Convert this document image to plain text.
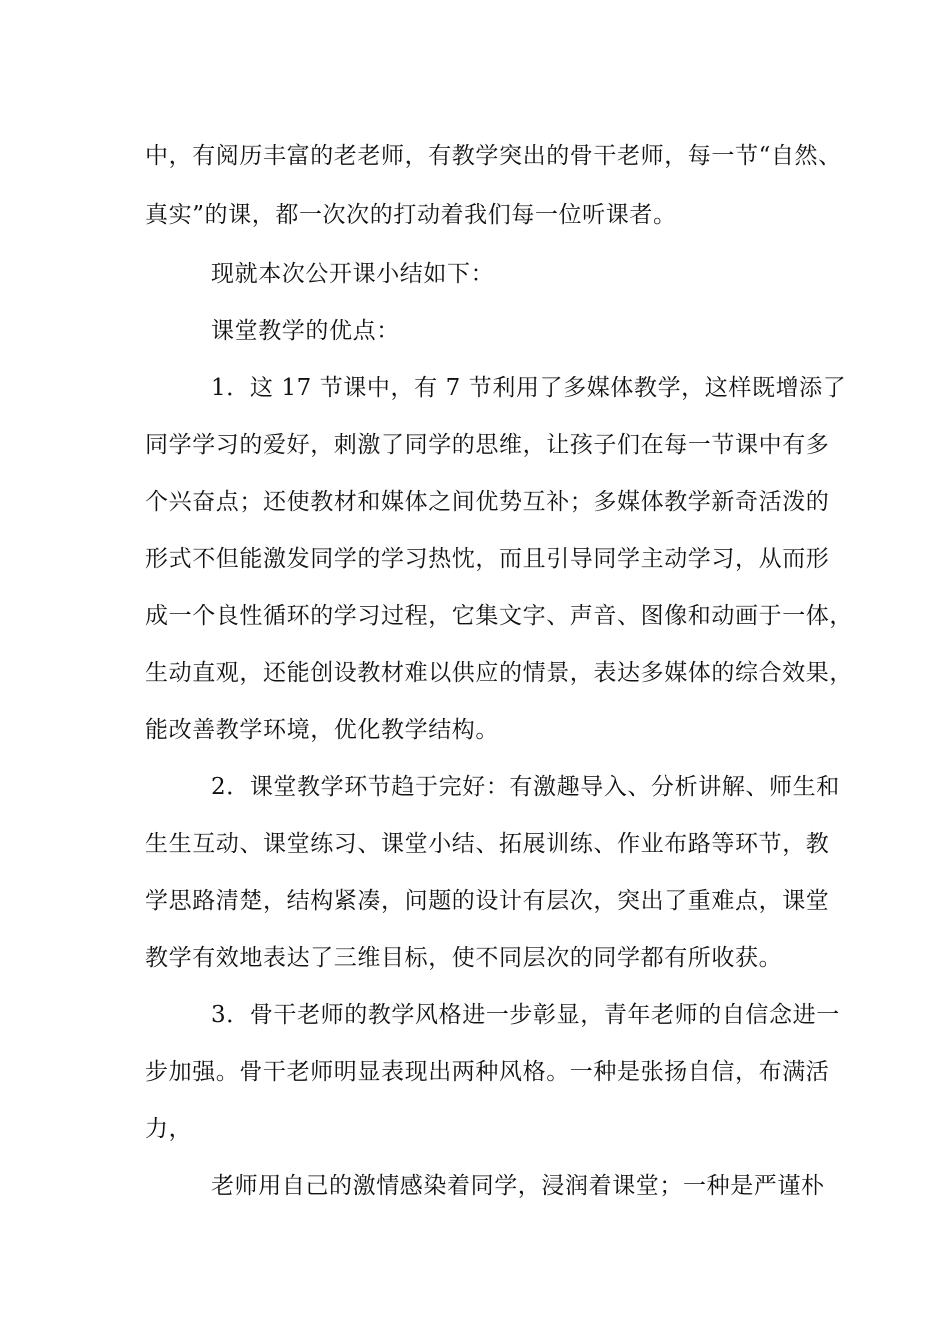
中，有阅历丰富的老老师，有教学突出的骨干老师，每一节“自然、
真实”的课，都一次次的打动着我们每一位听课者。
现就本次公开课小结如下：
课堂教学的优点：
1．这 17 节课中，有 7 节利用了多媒体教学，这样既增添了
同学学习的爱好，刺激了同学的思维，让孩子们在每一节课中有多
个兴奋点；还使教材和媒体之间优势互补；多媒体教学新奇活泼的
形式不但能激发同学的学习热忱，而且引导同学主动学习，从而形
成一个良性循环的学习过程，它集文字、声音、图像和动画于一体，
生动直观，还能创设教材难以供应的情景，表达多媒体的综合效果，
能改善教学环境，优化教学结构。
2．课堂教学环节趋于完好：有激趣导入、分析讲解、师生和
生生互动、课堂练习、课堂小结、拓展训练、作业布路等环节，教
学思路清楚，结构紧凑，问题的设计有层次，突出了重难点，课堂
教学有效地表达了三维目标，使不同层次的同学都有所收获。
3．骨干老师的教学风格进一步彰显，青年老师的自信念进一
步加强。骨干老师明显表现出两种风格。一种是张扬自信，布满活
力，
老师用自己的激情感染着同学，浸润着课堂；一种是严谨朴
